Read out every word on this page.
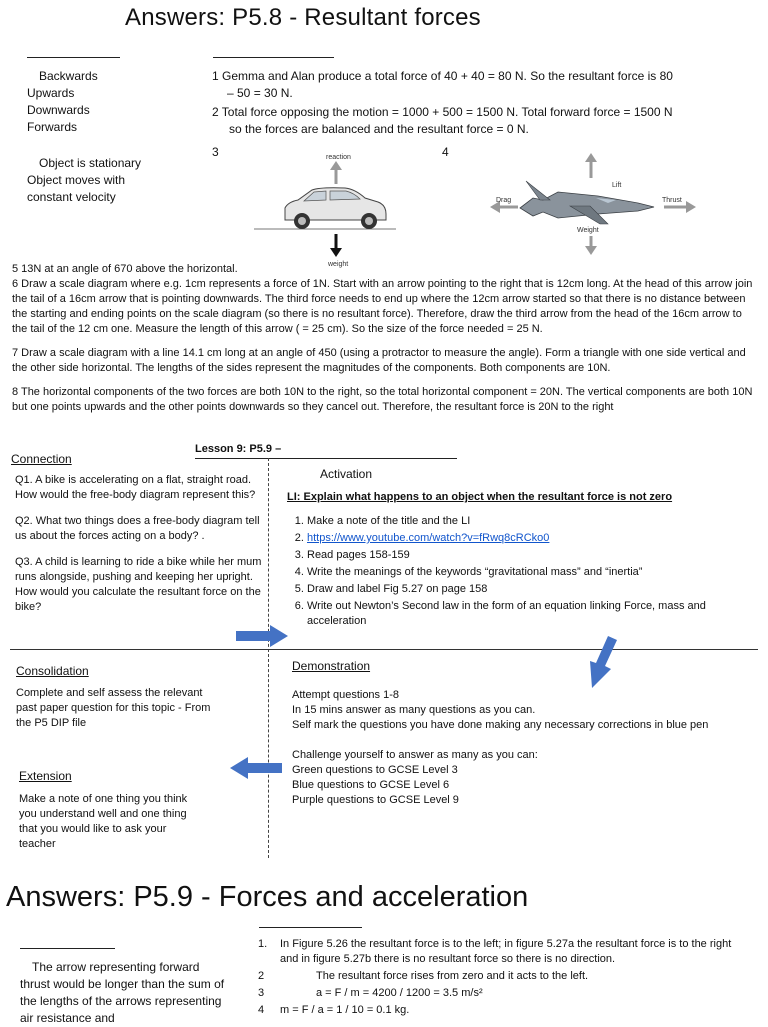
Answers: P5.8 - Resultant forces
Backwards
Upwards
Downwards
Forwards
Object is stationary
Object moves with constant velocity
1 Gemma and Alan produce a total force of 40 + 40 = 80 N. So the resultant force is 80
– 50 = 30 N.
2 Total force opposing the motion = 1000 + 500 = 1500 N. Total forward force = 1500 N
so the forces are balanced and the resultant force = 0 N.
3	4
reaction
weight
Lift
Drag	Thrust
Weight
5 13N at an angle of 670 above the horizontal.
6 Draw a scale diagram where e.g. 1cm represents a force of 1N. Start with an arrow pointing to the right that is 12cm long. At the head of this arrow join the tail of a 16cm arrow that is pointing downwards. The third force needs to end up where the 12cm arrow started so that there is no distance between the starting and ending points on the scale diagram (so there is no resultant force). Therefore, draw the third arrow from the head of the 16cm arrow to the tail of the 12 cm one. Measure the length of this arrow ( = 25 cm). So the size of the force needed = 25 N.
7 Draw a scale diagram with a line 14.1 cm long at an angle of 450 (using a protractor to measure the angle). Form a triangle with one side vertical and the other side horizontal. The lengths of the sides represent the magnitudes of the components. Both components are 10N.
8 The horizontal components of the two forces are both 10N to the right, so the total horizontal component = 20N. The vertical components are both 10N but one points upwards and the other points downwards so they cancel out. Therefore, the resultant force is 20N to the right
Lesson 9: P5.9 –
Connection
Q1. A bike is accelerating on a flat, straight road. How would the free-body diagram represent this?
Q2. What two things does a free-body diagram tell us about the forces acting on a body? .
Q3. A child is learning to ride a bike while her mum runs alongside, pushing and keeping her upright. How would you calculate the resultant force on the bike?
Activation
LI: Explain what happens to an object when the resultant force is not zero
1. Make a note of the title and the LI
2. https://www.youtube.com/watch?v=fRwq8cRCko0
3. Read pages 158-159
4. Write the meanings of the keywords “gravitational mass” and “inertia”
5. Draw and label Fig 5.27 on page 158
6. Write out Newton’s Second law in the form of an equation linking Force, mass and acceleration
Consolidation
Complete and self assess the relevant past paper question for this topic - From the P5 DIP file
Extension
Make a note of one thing you think you understand well and one thing that you would like to ask your teacher
Demonstration
Attempt questions 1-8
In 15 mins answer as many questions as you can.
Self mark the questions you have done making any necessary corrections in blue pen
Challenge yourself to answer as many as you can:
Green questions to GCSE Level 3
Blue questions to GCSE Level 6
Purple questions to GCSE Level 9
Answers: P5.9 - Forces and acceleration
The arrow representing forward thrust would be longer than the sum of the lengths of the arrows representing air resistance and
1.	In Figure 5.26 the resultant force is to the left; in figure 5.27a the resultant force is to the right and in figure 5.27b there is no resultant force so there is no direction.
2	The resultant force rises from zero and it acts to the left.
3	a = F / m = 4200 / 1200 = 3.5 m/s²
4	m = F / a = 1 / 10 = 0.1 kg.
